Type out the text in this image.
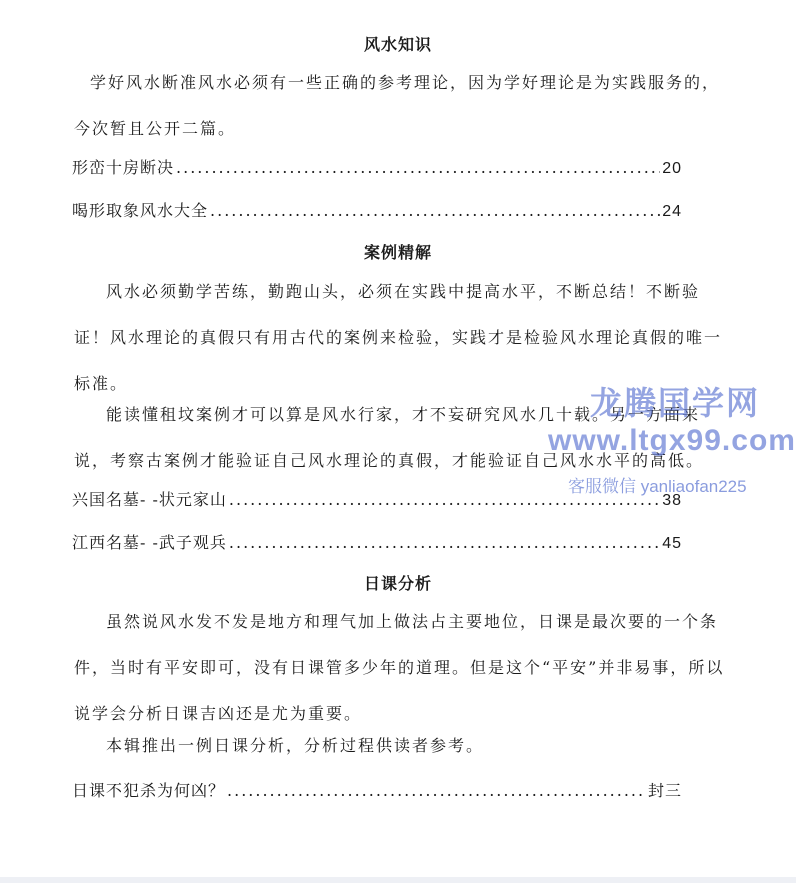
风水知识
学好风水断准风水必须有一些正确的参考理论，因为学好理论是为实践服务的，今次暂且公开二篇。
形峦十房断决 .....	20
喝形取象风水大全 .....	24
案例精解
风水必须勤学苦练，勤跑山头，必须在实践中提高水平，不断总结！不断验证！风水理论的真假只有用古代的案例来检验，实践才是检验风水理论真假的唯一标准。
能读懂租坟案例才可以算是风水行家，才不妄研究风水几十载。另一方面来说，考察古案例才能验证自己风水理论的真假，才能验证自己风水水平的高低。
兴国名墓- -状元家山 .....	38
江西名墓- -武子观兵 .....	45
日课分析
虽然说风水发不发是地方和理气加上做法占主要地位，日课是最次要的一个条件，当时有平安即可，没有日课管多少年的道理。但是这个“平安”并非易事，所以说学会分析日课吉凶还是尤为重要。
本辑推出一例日课分析，分析过程供读者参考。
日课不犯杀为何凶？ .....	封三
龙腾国学网
www.ltgx99.com
客服微信 yanliaofan225
